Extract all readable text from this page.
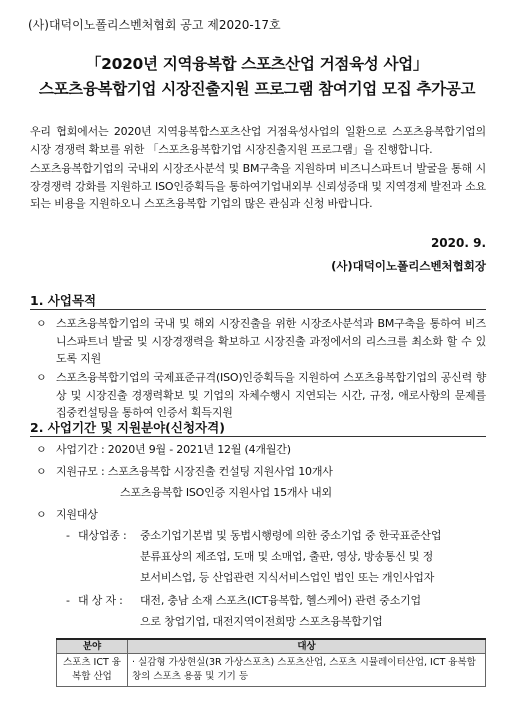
(사)대덕이노폴리스벤처협회 공고 제2020-17호
「2020년 지역융복합 스포츠산업 거점육성 사업」
스포츠융복합기업 시장진출지원 프로그램 참여기업 모집 추가공고
우리 협회에서는 2020년 지역융복합스포츠산업 거점육성사업의 일환으로 스포츠융복합기업의 시장 경쟁력 확보를 위한 「스포츠융복합기업 시장진출지원 프로그램」을 진행합니다.
스포츠융복합기업의 국내외 시장조사분석 및 BM구축을 지원하며 비즈니스파트너 발굴을 통해 시장경쟁력 강화를 지원하고 ISO인증획득을 통하여기업내외부 신뢰성증대 및 지역경제 발전과 소요되는 비용을 지원하오니 스포츠융복합 기업의 많은 관심과 신청 바랍니다.
2020. 9.
(사)대덕이노폴리스벤처협회장
1. 사업목적
ㅇ 스포츠융복합기업의 국내 및 해외 시장진출을 위한 시장조사분석과 BM구축을 통하여 비즈니스파트너 발굴 및 시장경쟁력을 확보하고 시장진출 과정에서의 리스크를 최소화 할 수 있도록 지원
ㅇ 스포츠융복합기업의 국제표준규격(ISO)인증획득을 지원하여 스포츠융복합기업의 공신력 향상 및 시장진출 경쟁력확보 및 기업의 자체수행시 지연되는 시간, 규정, 애로사항의 문제를 집중컨설팅을 통하여 인증서 획득지원
2. 사업기간 및 지원분야(신청자격)
ㅇ 사업기간 : 2020년 9월 - 2021년 12월 (4개월간)
ㅇ 지원규모 : 스포츠융복합 시장진출 컨설팅 지원사업 10개사
스포츠융복합 ISO인증 지원사업 15개사 내외
ㅇ 지원대상
- 대상업종 : 중소기업기본법 및 동법시행령에 의한 중소기업 중 한국표준산업
분류표상의 제조업, 도매 및 소매업, 출판, 영상, 방송통신 및 정
보서비스업, 등 산업관련 지식서비스업인 법인 또는 개인사업자
- 대 상 자 : 대전, 충남 소재 스포츠(ICT융복합, 헬스케어) 관련 중소기업
으로 창업기업, 대전지역이전희망 스포츠융복합기업
분야	대상
스포츠 ICT 융복합 산업	· 실감형 가상현실(3R 가상스포츠) 스포츠산업, 스포츠 시뮬레이터산업, ICT 융복합 창의 스포츠 용품 및 기기 등
